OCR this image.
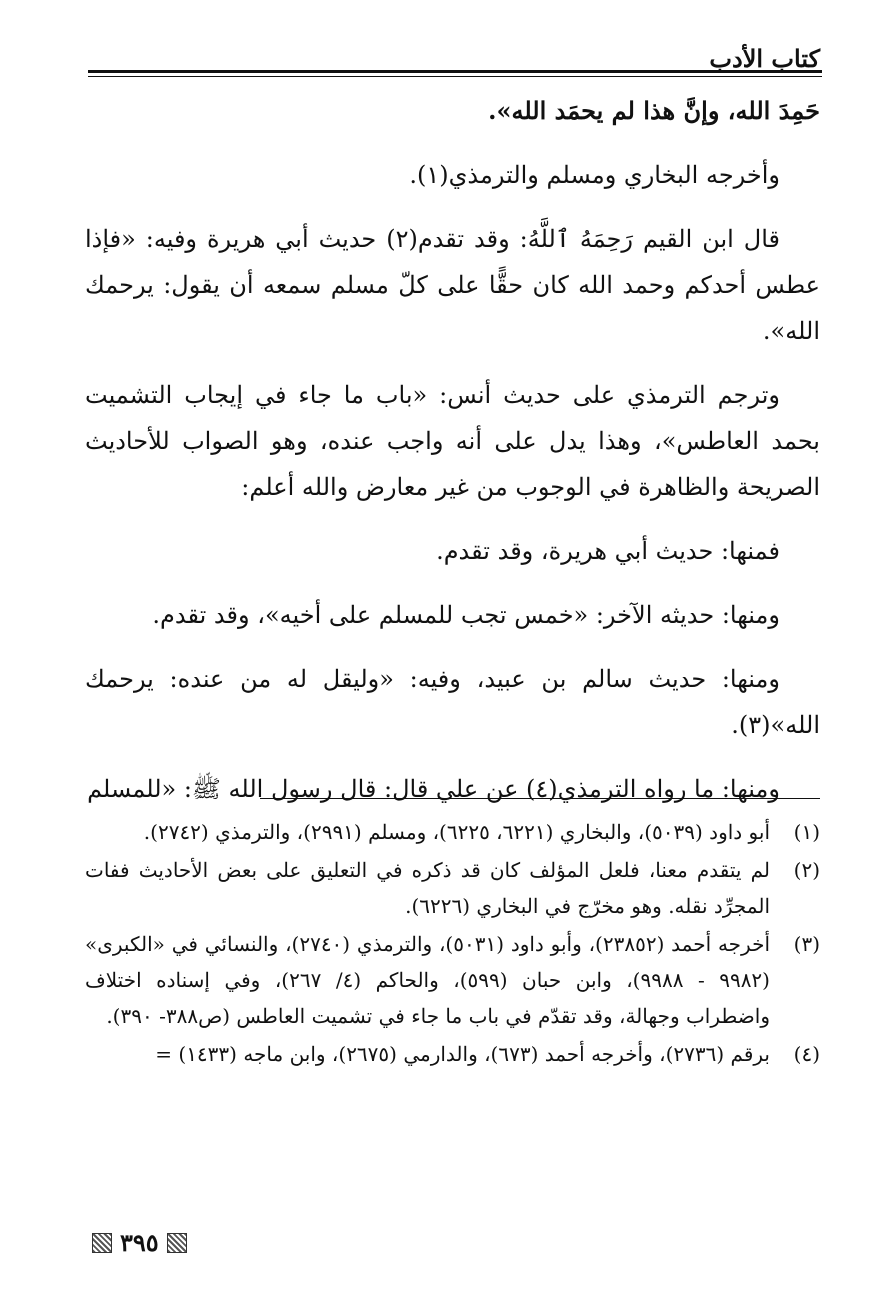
كتاب الأدب

حَمِدَ الله، وإنَّ هذا لم يحمَد الله».

وأخرجه البخاري ومسلم والترمذي(١).

قال ابن القيم رَحِمَهُ ٱللَّهُ: وقد تقدم(٢) حديث أبي هريرة وفيه: «فإذا عطس أحدكم وحمد الله كان حقًّا على كلّ مسلم سمعه أن يقول: يرحمك الله».

وترجم الترمذي على حديث أنس: «باب ما جاء في إيجاب التشميت بحمد العاطس»، وهذا يدل على أنه واجب عنده، وهو الصواب للأحاديث الصريحة والظاهرة في الوجوب من غير معارض والله أعلم:

فمنها: حديث أبي هريرة، وقد تقدم.

ومنها: حديثه الآخر: «خمس تجب للمسلم على أخيه»، وقد تقدم.

ومنها: حديث سالم بن عبيد، وفيه: «وليقل له من عنده: يرحمك الله»(٣).

ومنها: ما رواه الترمذي(٤) عن علي قال: قال رسول الله ﷺ: «للمسلم

(١)
أبو داود (٥٠٣٩)، والبخاري (٦٢٢١، ٦٢٢٥)، ومسلم (٢٩٩١)، والترمذي (٢٧٤٢).
(٢)
لم يتقدم معنا، فلعل المؤلف كان قد ذكره في التعليق على بعض الأحاديث ففات المجرِّد نقله. وهو مخرّج في البخاري (٦٢٢٦).
(٣)
أخرجه أحمد (٢٣٨٥٢)، وأبو داود (٥٠٣١)، والترمذي (٢٧٤٠)، والنسائي في «الكبرى» (٩٩٨٢ - ٩٩٨٨)، وابن حبان (٥٩٩)، والحاكم (٤/ ٢٦٧)، وفي إسناده اختلاف واضطراب وجهالة، وقد تقدّم في باب ما جاء في تشميت العاطس (ص٣٨٨- ٣٩٠).
(٤)
برقم (٢٧٣٦)، وأخرجه أحمد (٦٧٣)، والدارمي (٢٦٧٥)، وابن ماجه (١٤٣٣) =
٣٩٥
